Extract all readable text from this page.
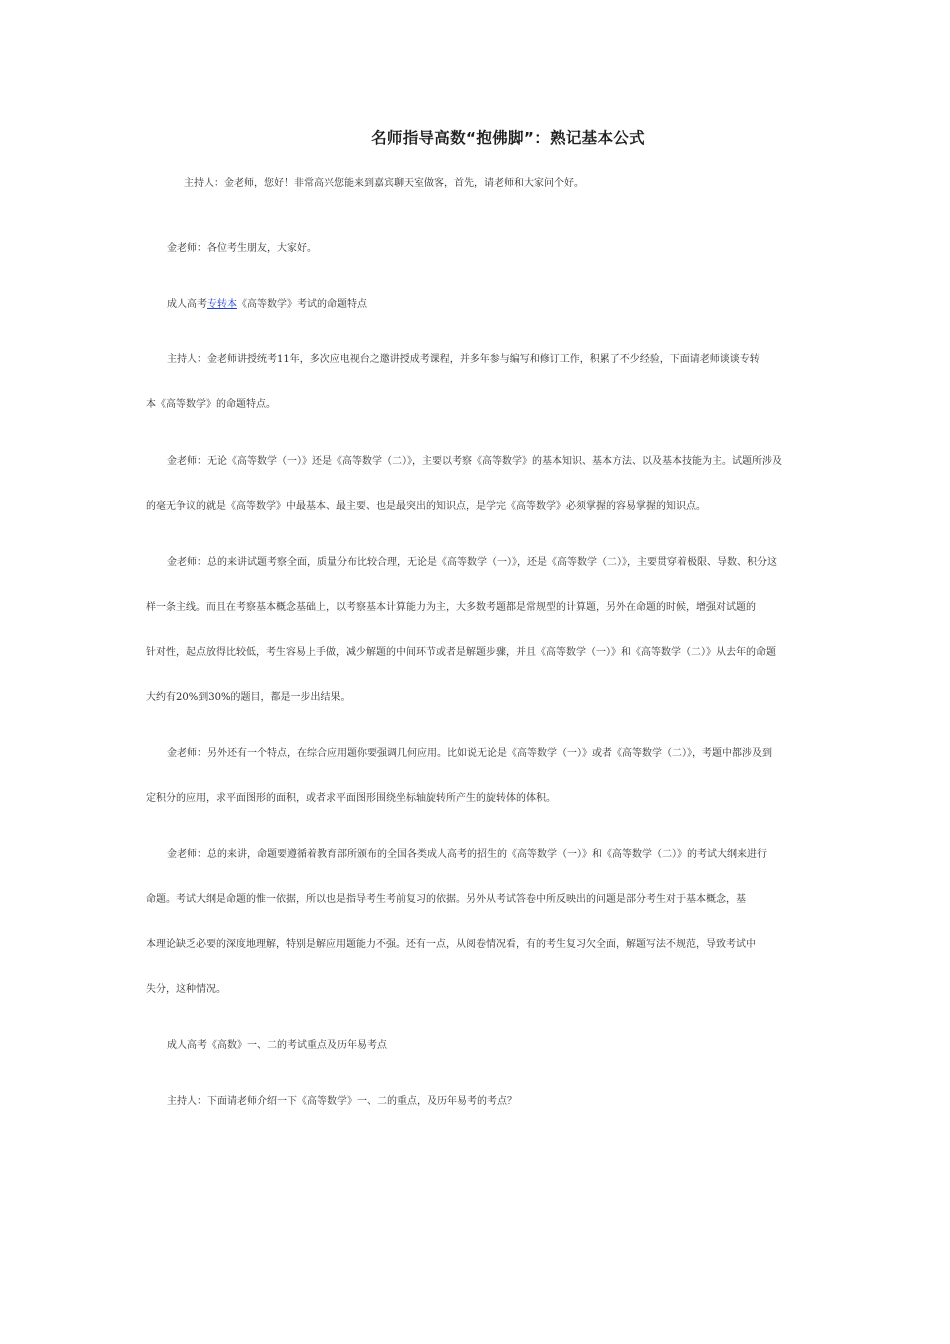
名师指导高数“抱佛脚”：熟记基本公式

主持人：金老师，您好！非常高兴您能来到嘉宾聊天室做客，首先，请老师和大家问个好。

金老师：各位考生朋友，大家好。

成人高考专转本《高等数学》考试的命题特点

主持人：金老师讲授统考11年，多次应电视台之邀讲授成考课程，并多年参与编写和修订工作，积累了不少经验，下面请老师谈谈专转
本《高等数学》的命题特点。

金老师：无论《高等数学（一）》还是《高等数学（二）》，主要以考察《高等数学》的基本知识、基本方法、以及基本技能为主。试题所涉及
的毫无争议的就是《高等数学》中最基本、最主要、也是最突出的知识点，是学完《高等数学》必须掌握的容易掌握的知识点。

金老师：总的来讲试题考察全面，质量分布比较合理，无论是《高等数学（一）》，还是《高等数学（二）》，主要贯穿着极限、导数、积分这
样一条主线。而且在考察基本概念基础上，以考察基本计算能力为主，大多数考题都是常规型的计算题，另外在命题的时候，增强对试题的
针对性，起点放得比较低，考生容易上手做，减少解题的中间环节或者是解题步骤，并且《高等数学（一）》和《高等数学（二）》从去年的命题
大约有20%到30%的题目，都是一步出结果。

金老师：另外还有一个特点，在综合应用题你要强调几何应用。比如说无论是《高等数学（一）》或者《高等数学（二）》，考题中都涉及到
定积分的应用，求平面图形的面积，或者求平面图形围绕坐标轴旋转所产生的旋转体的体积。

金老师：总的来讲，命题要遵循着教育部所颁布的全国各类成人高考的招生的《高等数学（一）》和《高等数学（二）》的考试大纲来进行
命题。考试大纲是命题的惟一依据，所以也是指导考生考前复习的依据。另外从考试答卷中所反映出的问题是部分考生对于基本概念，基
本理论缺乏必要的深度地理解，特别是解应用题能力不强。还有一点，从阅卷情况看，有的考生复习欠全面，解题写法不规范，导致考试中
失分，这种情况。

成人高考《高数》一、二的考试重点及历年易考点

主持人：下面请老师介绍一下《高等数学》一、二的重点，及历年易考的考点？
